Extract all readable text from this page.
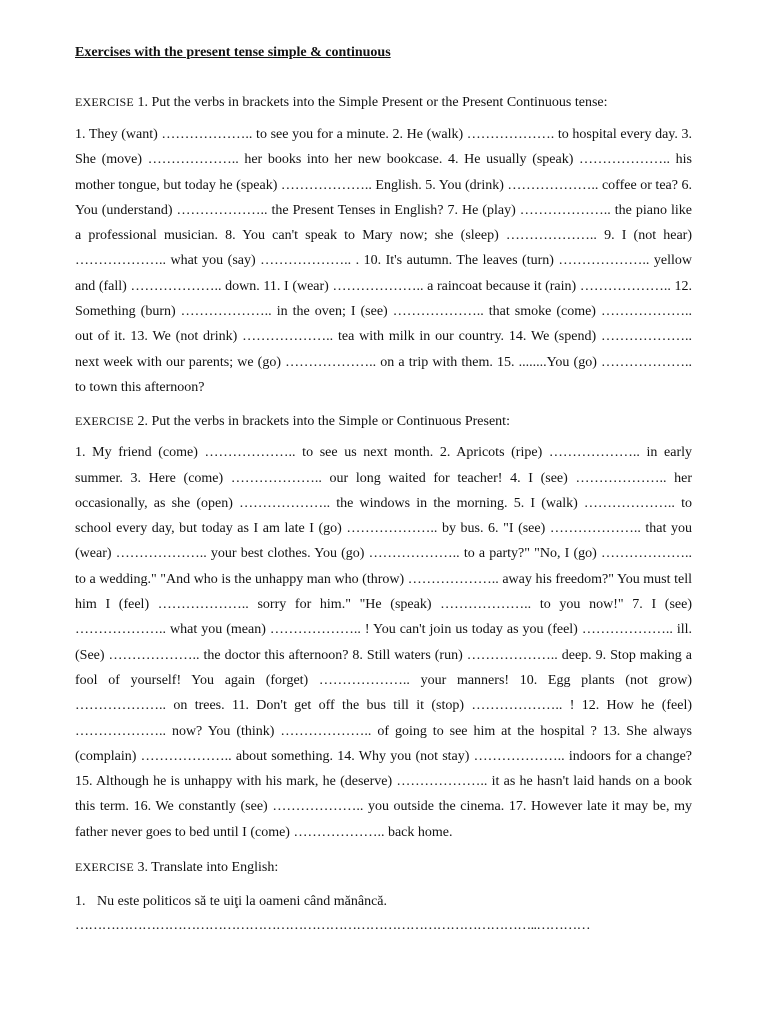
Exercises with the present tense simple & continuous

EXERCISE 1. Put the verbs in brackets into the Simple Present or the Present Continuous tense:

1. They (want) ……………….. to see you for a minute. 2. He (walk) ………………. to hospital every day. 3. She (move) ……………….. her books into her new bookcase. 4. He usually (speak) ……………….. his mother tongue, but today he (speak) ……………….. English. 5. You (drink) ……………….. coffee or tea? 6. You (understand) ……………….. the Present Tenses in English? 7. He (play) ……………….. the piano like a professional musician. 8. You can't speak to Mary now; she (sleep) ……………….. 9. I (not hear) ……………….. what you (say) ……………….. . 10. It's autumn. The leaves (turn) ……………….. yellow and (fall) ……………….. down. 11. I (wear) ……………….. a raincoat because it (rain) ……………….. 12. Something (burn) ……………….. in the oven; I (see) ……………….. that smoke (come) ……………….. out of it. 13. We (not drink) ……………….. tea with milk in our country. 14. We (spend) ……………….. next week with our parents; we (go) ……………….. on a trip with them. 15. ........You (go) ……………….. to town this afternoon?

EXERCISE 2. Put the verbs in brackets into the Simple or Continuous Present:

1. My friend (come) ……………….. to see us next month. 2. Apricots (ripe) ……………….. in early summer. 3. Here (come) ……………….. our long waited for teacher! 4. I (see) ……………….. her occasionally, as she (open) ……………….. the windows in the morning. 5. I (walk) ……………….. to school every day, but today as I am late I (go) ……………….. by bus. 6. "I (see) ……………….. that you (wear) ……………….. your best clothes. You (go) ……………….. to a party?" "No, I (go) ……………….. to a wedding." "And who is the unhappy man who (throw) ……………….. away his freedom?" You must tell him I (feel) ……………….. sorry for him." "He (speak) ……………….. to you now!" 7. I (see) ……………….. what you (mean) ……………….. ! You can't join us today as you (feel) ……………….. ill. (See) ……………….. the doctor this afternoon? 8. Still waters (run) ……………….. deep. 9. Stop making a fool of yourself! You again (forget) ……………….. your manners! 10. Egg plants (not grow) ……………….. on trees. 11. Don't get off the bus till it (stop) ……………….. ! 12. How he (feel) ……………….. now? You (think) ……………….. of going to see him at the hospital ? 13. She always (complain) ……………….. about something. 14. Why you (not stay) ……………….. indoors for a change? 15. Although he is unhappy with his mark, he (deserve) ……………….. it as he hasn't laid hands on a book this term. 16. We constantly (see) ……………….. you outside the cinema. 17. However late it may be, my father never goes to bed until I (come) ……………….. back home.

EXERCISE 3. Translate into English:

1. Nu este politicos să te uiţi la oameni când mănâncă.
…………………………………………………………………………………………..…………
